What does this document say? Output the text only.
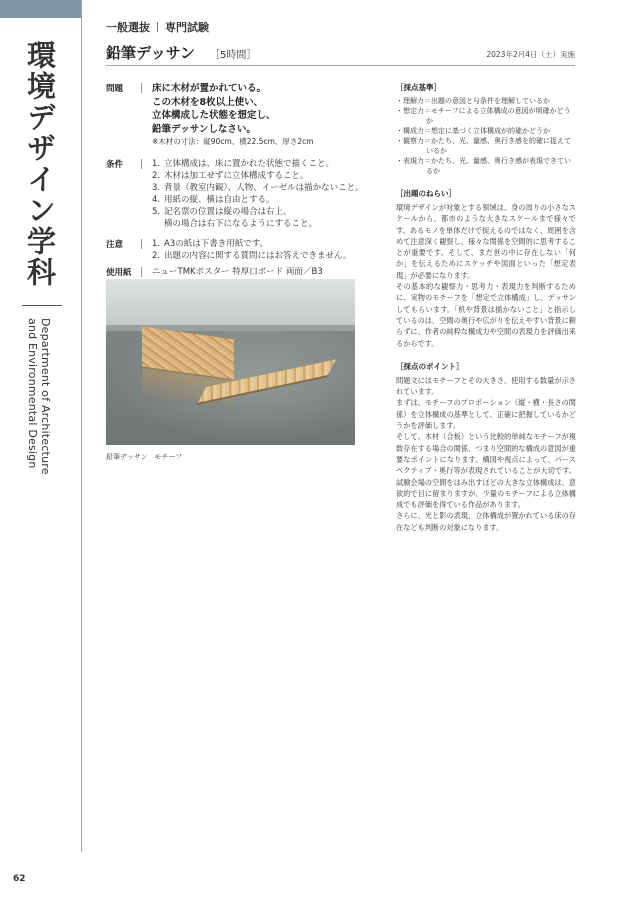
環境デザイン学科
Department of Architecture
and Environmental Design
62
一般選抜 専門試験
鉛筆デッサン ［5時間］	2023年2月4日（土）実施
問題	床に木材が置かれている。
この木材を8枚以上使い、
立体構成した状態を想定し、
鉛筆デッサンしなさい。
※木材の寸法：縦90cm、横22.5cm、厚さ2cm
条件	1. 立体構成は、床に置かれた状態で描くこと。
2. 木材は加工せずに立体構成すること。
3. 背景（教室内観）、人物、イーゼルは描かないこと。
4. 用紙の縦、横は自由とする。
5. 記名票の位置は縦の場合は右上、
横の場合は右下になるようにすること。
注意	1. A3の紙は下書き用紙です。
2. 出題の内容に関する質問にはお答えできません。
使用紙	ニューTMKポスター 特厚口ボード 両面／B3
鉛筆デッサン　モチーフ
［採点基準］
・理解力＝出題の意図と与条件を理解しているか
・想定力＝モチーフによる立体構成の意図が明確かどうか
・構成力＝想定に基づく立体構成が的確かどうか
・観察力＝かたち、光、量感、奥行き感を的確に捉えているか
・表現力＝かたち、光、量感、奥行き感が表現できているか
［出題のねらい］

環境デザインが対象とする領域は、身の周りの小さなスケールから、都市のような大きなスケールまで様々です。あるモノを単体だけで捉えるのではなく、周囲を含めて注意深く観察し、様々な関係を空間的に思考することが重要です。そして、まだ世の中に存在しない「何か」を伝えるためにスケッチや図面といった「想定表現」が必要になります。

その基本的な観察力・思考力・表現力を判断するために、実物のモチーフを「想定で立体構成」し、デッサンしてもらいます。「机や背景は描かないこと」と指示しているのは、空間の奥行や広がりを伝えやすい背景に頼らずに、作者の純粋な構成力や空間の表現力を評価出来るからです。

［採点のポイント］

問題文にはモチーフとその大きさ、使用する数量が示されています。

まずは、モチーフのプロポーション（縦・横・長さの関係）を立体構成の基準として、正確に把握しているかどうかを評価します。

そして、木材（合板）という比較的単純なモチーフが複数存在する場合の関係、つまり空間的な構成の意図が重要なポイントになります。構図や視点によって、パースペクティブ・奥行等が表現されていることが大切です。試験会場の空間をはみ出すほどの大きな立体構成は、意欲的で目に留まりますが、少量のモチーフによる立体構成でも評価を得ている作品があります。

さらに、光と影の表現、立体構成が置かれている床の存在なども判断の対象になります。
